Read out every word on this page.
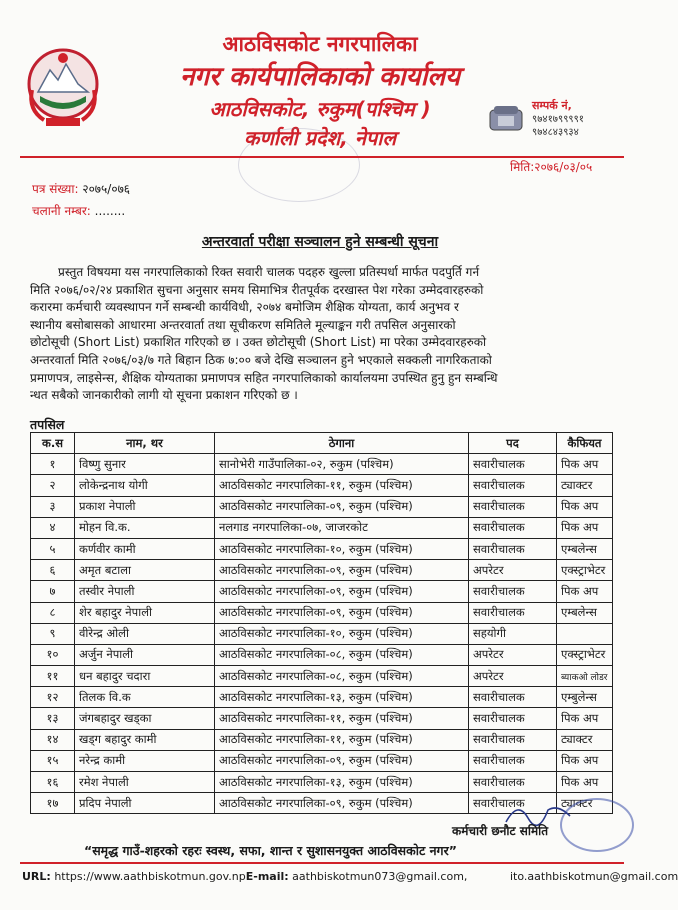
आठविसकोट नगरपालिका
नगर कार्यपालिकाको कार्यालय
आठविसकोट, रुकुम(पश्चिम )
कर्णाली प्रदेश, नेपाल
सम्पर्क नं,
९७४१७९९९९१
९७४८४३९३४
मिति:२०७६/०३/०५
पत्र संख्या: २०७५/०७६
चलानी नम्बर: ........
अन्तरवार्ता परीक्षा सञ्चालन हुने सम्बन्धी सूचना
प्रस्तुत विषयमा यस नगरपालिकाको रिक्त सवारी चालक पदहरु खुल्ला प्रतिस्पर्धा मार्फत पदपुर्ति गर्न
मिति २०७६/०२/२४ प्रकाशित सुचना अनुसार समय सिमाभित्र रीतपूर्वक दरखास्त पेश गरेका उम्मेदवारहरुको
करारमा कर्मचारी व्यवस्थापन गर्ने सम्बन्धी कार्यविधी, २०७४ बमोजिम शैक्षिक योग्यता, कार्य अनुभव र
स्थानीय बसोबासको आधारमा अन्तरवार्ता तथा सूचीकरण समितिले मूल्याङ्कन गरी तपसिल अनुसारको
छोटोसूची (Short List) प्रकाशित गरिएको छ । उक्त छोटोसूची (Short List) मा परेका उम्मेदवारहरुको
अन्तरवार्ता मिति २०७६/०३/७ गते बिहान ठिक ७:०० बजे देखि सञ्चालन हुने भएकाले सक्कली नागरिकताको
प्रमाणपत्र, लाइसेन्स, शैक्षिक योग्यताका प्रमाणपत्र सहित नगरपालिकाको कार्यालयमा उपस्थित हुनु हुन सम्बन्धि
न्धत सबैको जानकारीको लागी यो सूचना प्रकाशन गरिएको छ ।
तपसिल
क.स	नाम, थर	ठेगाना	पद	कैफियत
१	विष्णु सुनार	सानोभेरी गाउँपालिका-०२, रुकुम (पश्चिम)	सवारीचालक	पिक अप
२	लोकेन्द्रनाथ योगी	आठविसकोट नगरपालिका-११, रुकुम (पश्चिम)	सवारीचालक	ट्याक्टर
३	प्रकाश नेपाली	आठविसकोट नगरपालिका-०९, रुकुम (पश्चिम)	सवारीचालक	पिक अप
४	मोहन वि.क.	नलगाड नगरपालिका-०७, जाजरकोट	सवारीचालक	पिक अप
५	कर्णवीर कामी	आठविसकोट नगरपालिका-१०, रुकुम (पश्चिम)	सवारीचालक	एम्बलेन्स
६	अमृत बटाला	आठविसकोट नगरपालिका-०९, रुकुम (पश्चिम)	अपरेटर	एक्स्ट्राभेटर
७	तस्वीर नेपाली	आठविसकोट नगरपालिका-०९, रुकुम (पश्चिम)	सवारीचालक	पिक अप
८	शेर बहादुर नेपाली	आठविसकोट नगरपालिका-०९, रुकुम (पश्चिम)	सवारीचालक	एम्बलेन्स
९	वीरेन्द्र ओली	आठविसकोट नगरपालिका-१०, रुकुम (पश्चिम)	सहयोगी	
१०	अर्जुन नेपाली	आठविसकोट नगरपालिका-०८, रुकुम (पश्चिम)	अपरेटर	एक्स्ट्राभेटर
११	धन बहादुर चदारा	आठविसकोट नगरपालिका-०८, रुकुम (पश्चिम)	अपरेटर	ब्याकओ लोडर
१२	तिलक वि.क	आठविसकोट नगरपालिका-१३, रुकुम (पश्चिम)	सवारीचालक	एम्बुलेन्स
१३	जंगबहादुर खड्का	आठविसकोट नगरपालिका-११, रुकुम (पश्चिम)	सवारीचालक	पिक अप
१४	खड्ग बहादुर कामी	आठविसकोट नगरपालिका-११, रुकुम (पश्चिम)	सवारीचालक	ट्याक्टर
१५	नरेन्द्र कामी	आठविसकोट नगरपालिका-०९, रुकुम (पश्चिम)	सवारीचालक	पिक अप
१६	रमेश नेपाली	आठविसकोट नगरपालिका-१३, रुकुम (पश्चिम)	सवारीचालक	पिक अप
१७	प्रदिप नेपाली	आठविसकोट नगरपालिका-०९, रुकुम (पश्चिम)	सवारीचालक	ट्याक्टर
कर्मचारी छनौट समिति
“समृद्ध गाउँ-शहरको रहरः स्वस्थ, सफा, शान्त र सुशासनयुक्त आठविसकोट नगर”
URL: https://www.aathbiskotmun.gov.npE-mail: aathbiskotmun073@gmail.com,	ito.aathbiskotmun@gmail.com
